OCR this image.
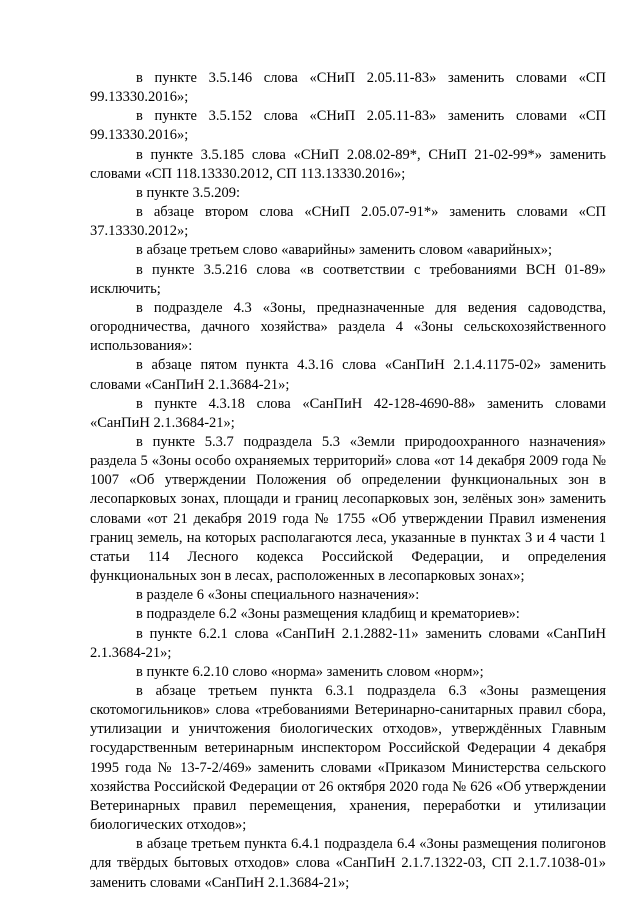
в пункте 3.5.146 слова «СНиП 2.05.11-83» заменить словами «СП 99.13330.2016»;

в пункте 3.5.152 слова «СНиП 2.05.11-83» заменить словами «СП 99.13330.2016»;

в пункте 3.5.185 слова «СНиП 2.08.02-89*, СНиП 21-02-99*» заменить словами «СП 118.13330.2012, СП 113.13330.2016»;

в пункте 3.5.209:

в абзаце втором слова «СНиП 2.05.07-91*» заменить словами «СП 37.13330.2012»;

в абзаце третьем слово «аварийны» заменить словом «аварийных»;

в пункте 3.5.216 слова «в соответствии с требованиями ВСН 01-89» исключить;

в подразделе 4.3 «Зоны, предназначенные для ведения садоводства, огородничества, дачного хозяйства» раздела 4 «Зоны сельскохозяйственного использования»:

в абзаце пятом пункта 4.3.16 слова «СанПиН 2.1.4.1175-02» заменить словами «СанПиН 2.1.3684-21»;

в пункте 4.3.18 слова «СанПиН 42-128-4690-88» заменить словами «СанПиН 2.1.3684-21»;

в пункте 5.3.7 подраздела 5.3 «Земли природоохранного назначения» раздела 5 «Зоны особо охраняемых территорий» слова «от 14 декабря 2009 года № 1007 «Об утверждении Положения об определении функциональных зон в лесопарковых зонах, площади и границ лесопарковых зон, зелёных зон» заменить словами «от 21 декабря 2019 года № 1755 «Об утверждении Правил изменения границ земель, на которых располагаются леса, указанные в пунктах 3 и 4 части 1 статьи 114 Лесного кодекса Российской Федерации, и определения функциональных зон в лесах, расположенных в лесопарковых зонах»;

в разделе 6 «Зоны специального назначения»:

в подразделе 6.2 «Зоны размещения кладбищ и крематориев»:

в пункте 6.2.1 слова «СанПиН 2.1.2882-11» заменить словами «СанПиН 2.1.3684-21»;

в пункте 6.2.10 слово «норма» заменить словом «норм»;

в абзаце третьем пункта 6.3.1 подраздела 6.3 «Зоны размещения скотомогильников» слова «требованиями Ветеринарно-санитарных правил сбора, утилизации и уничтожения биологических отходов», утверждённых Главным государственным ветеринарным инспектором Российской Федерации 4 декабря 1995 года № 13-7-2/469» заменить словами «Приказом Министерства сельского хозяйства Российской Федерации от 26 октября 2020 года № 626 «Об утверждении Ветеринарных правил перемещения, хранения, переработки и утилизации биологических отходов»;

в абзаце третьем пункта 6.4.1 подраздела 6.4 «Зоны размещения полигонов для твёрдых бытовых отходов» слова «СанПиН 2.1.7.1322-03, СП 2.1.7.1038-01» заменить словами «СанПиН 2.1.3684-21»;
